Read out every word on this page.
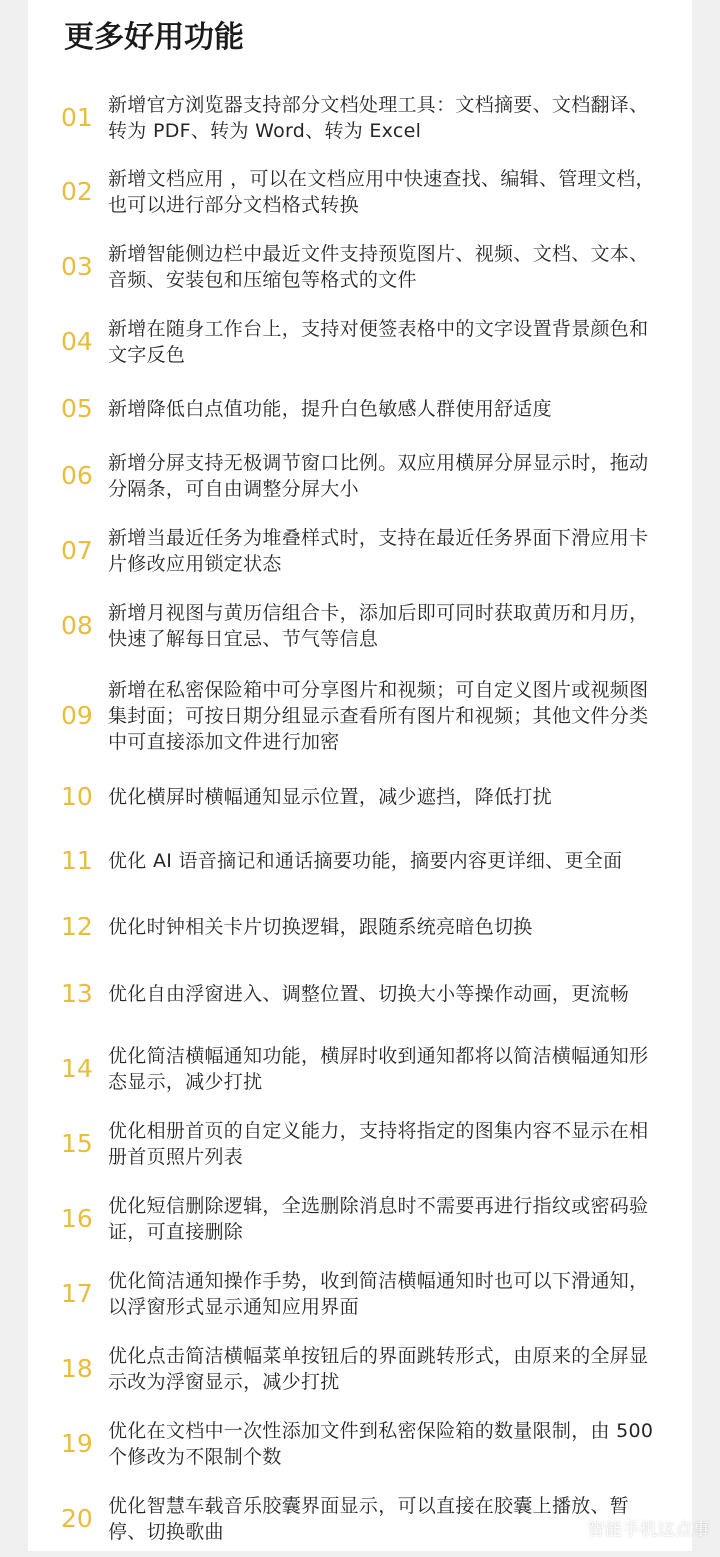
更多好用功能
01 新增官方浏览器支持部分文档处理工具：文档摘要、文档翻译、转为 PDF、转为 Word、转为 Excel
02 新增文档应用 ，可以在文档应用中快速查找、编辑、管理文档，也可以进行部分文档格式转换
03 新增智能侧边栏中最近文件支持预览图片、视频、文档、文本、音频、安装包和压缩包等格式的文件
04 新增在随身工作台上，支持对便签表格中的文字设置背景颜色和文字反色
05 新增降低白点值功能，提升白色敏感人群使用舒适度
06 新增分屏支持无极调节窗口比例。双应用横屏分屏显示时，拖动分隔条，可自由调整分屏大小
07 新增当最近任务为堆叠样式时，支持在最近任务界面下滑应用卡片修改应用锁定状态
08 新增月视图与黄历信组合卡，添加后即可同时获取黄历和月历，快速了解每日宜忌、节气等信息
09
新增在私密保险箱中可分享图片和视频；可自定义图片或视频图集封面；可按日期分组显示查看所有图片和视频；其他文件分类中可直接添加文件进行加密
10 优化横屏时横幅通知显示位置，减少遮挡，降低打扰
11 优化 AI 语音摘记和通话摘要功能，摘要内容更详细、更全面
12 优化时钟相关卡片切换逻辑，跟随系统亮暗色切换
13 优化自由浮窗进入、调整位置、切换大小等操作动画，更流畅
14 优化简洁横幅通知功能，横屏时收到通知都将以简洁横幅通知形态显示，减少打扰
15 优化相册首页的自定义能力，支持将指定的图集内容不显示在相册首页照片列表
16 优化短信删除逻辑，全选删除消息时不需要再进行指纹或密码验证，可直接删除
17 优化简洁通知操作手势，收到简洁横幅通知时也可以下滑通知，以浮窗形式显示通知应用界面
18 优化点击简洁横幅菜单按钮后的界面跳转形式，由原来的全屏显示改为浮窗显示，减少打扰
19 优化在文档中一次性添加文件到私密保险箱的数量限制，由 500 个修改为不限制个数
20 优化智慧车载音乐胶囊界面显示，可以直接在胶囊上播放、暂停、切换歌曲	智能手机这点事
